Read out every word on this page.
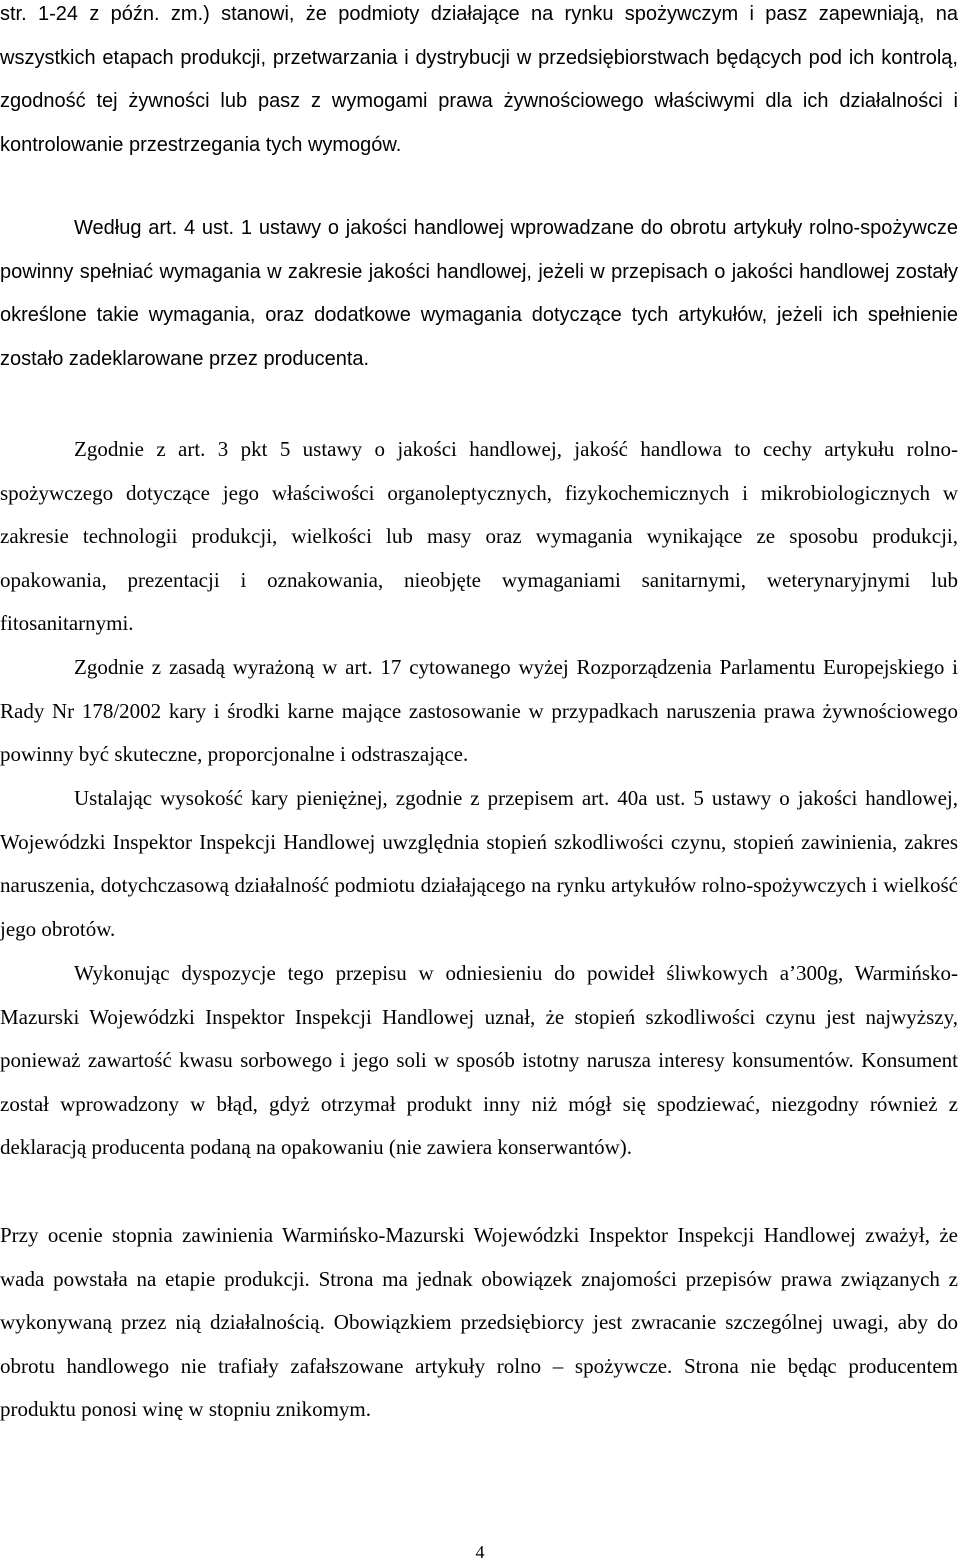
str. 1-24 z późn. zm.) stanowi, że podmioty działające na rynku spożywczym i pasz zapewniają, na wszystkich etapach produkcji, przetwarzania i dystrybucji w przedsiębiorstwach będących pod ich kontrolą, zgodność tej żywności lub pasz z wymogami prawa żywnościowego właściwymi dla ich działalności i kontrolowanie przestrzegania tych wymogów.

Według art. 4 ust. 1 ustawy o jakości handlowej wprowadzane do obrotu artykuły rolno-spożywcze powinny spełniać wymagania w zakresie jakości handlowej, jeżeli w przepisach o jakości handlowej zostały określone takie wymagania, oraz dodatkowe wymagania dotyczące tych artykułów, jeżeli ich spełnienie zostało zadeklarowane przez producenta.

Zgodnie z art. 3 pkt 5 ustawy o jakości handlowej, jakość handlowa to cechy artykułu rolno-spożywczego dotyczące jego właściwości organoleptycznych, fizykochemicznych i mikrobiologicznych w zakresie technologii produkcji, wielkości lub masy oraz wymagania wynikające ze sposobu produkcji, opakowania, prezentacji i oznakowania, nieobjęte wymaganiami sanitarnymi, weterynaryjnymi lub fitosanitarnymi.

Zgodnie z zasadą wyrażoną w art. 17 cytowanego wyżej Rozporządzenia Parlamentu Europejskiego i Rady Nr 178/2002 kary i środki karne mające zastosowanie w przypadkach naruszenia prawa żywnościowego powinny być skuteczne, proporcjonalne i odstraszające.

Ustalając wysokość kary pieniężnej, zgodnie z przepisem art. 40a ust. 5 ustawy o jakości handlowej, Wojewódzki Inspektor Inspekcji Handlowej uwzględnia stopień szkodliwości czynu, stopień zawinienia, zakres naruszenia, dotychczasową działalność podmiotu działającego na rynku artykułów rolno-spożywczych i wielkość jego obrotów.

Wykonując dyspozycje tego przepisu w odniesieniu do powideł śliwkowych a’300g, Warmińsko-Mazurski Wojewódzki Inspektor Inspekcji Handlowej uznał, że stopień szkodliwości czynu jest najwyższy, ponieważ zawartość kwasu sorbowego i jego soli w sposób istotny narusza interesy konsumentów. Konsument został wprowadzony w błąd, gdyż otrzymał produkt inny niż mógł się spodziewać, niezgodny również z deklaracją producenta podaną na opakowaniu (nie zawiera konserwantów).

Przy ocenie stopnia zawinienia Warmińsko-Mazurski Wojewódzki Inspektor Inspekcji Handlowej zważył, że wada powstała na etapie produkcji. Strona ma jednak obowiązek znajomości przepisów prawa związanych z wykonywaną przez nią działalnością. Obowiązkiem przedsiębiorcy jest zwracanie szczególnej uwagi, aby do obrotu handlowego nie trafiały zafałszowane artykuły rolno – spożywcze. Strona nie będąc producentem produktu ponosi winę w stopniu znikomym.

4
